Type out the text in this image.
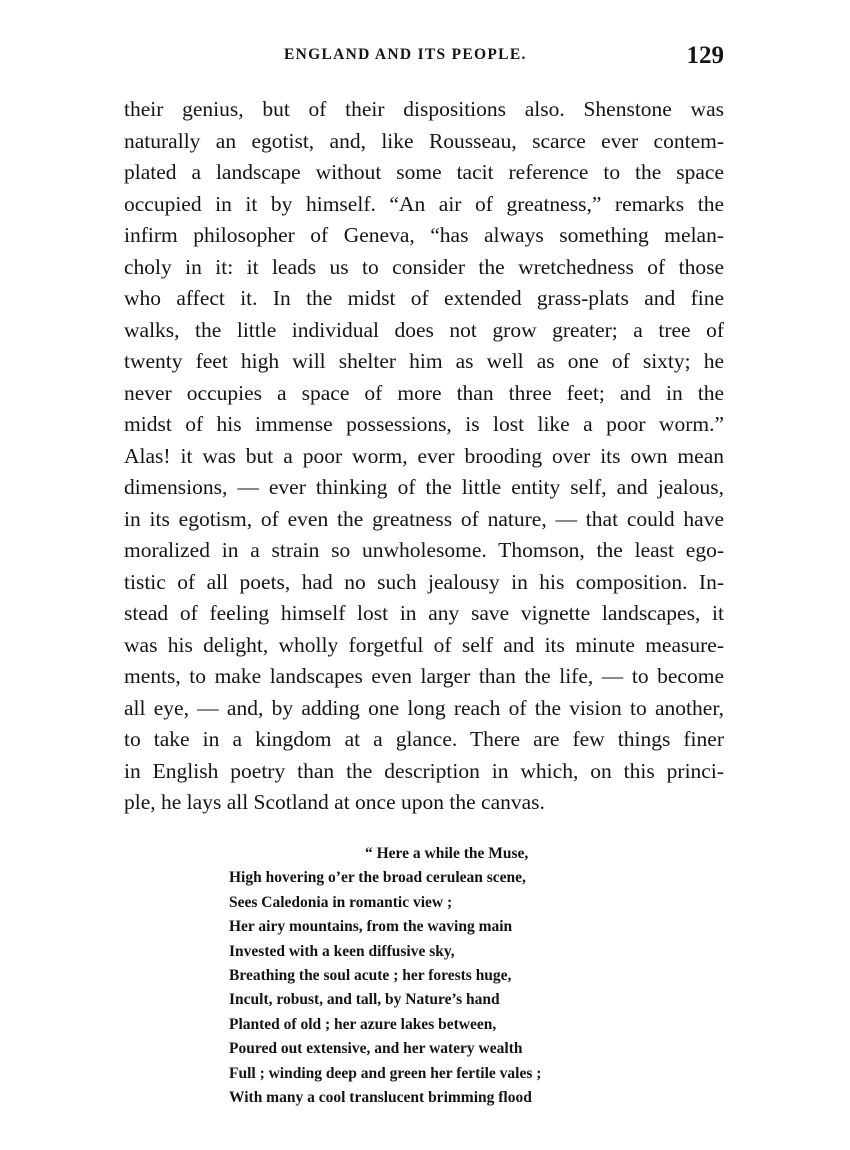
ENGLAND AND ITS PEOPLE.	129
their genius, but of their dispositions also. Shenstone was
naturally an egotist, and, like Rousseau, scarce ever contem-
plated a landscape without some tacit reference to the space
occupied in it by himself. “An air of greatness,” remarks the
infirm philosopher of Geneva, “has always something melan-
choly in it: it leads us to consider the wretchedness of those
who affect it. In the midst of extended grass-plats and fine
walks, the little individual does not grow greater; a tree of
twenty feet high will shelter him as well as one of sixty; he
never occupies a space of more than three feet; and in the
midst of his immense possessions, is lost like a poor worm.”
Alas! it was but a poor worm, ever brooding over its own mean
dimensions, — ever thinking of the little entity self, and jealous,
in its egotism, of even the greatness of nature, — that could have
moralized in a strain so unwholesome. Thomson, the least ego-
tistic of all poets, had no such jealousy in his composition. In-
stead of feeling himself lost in any save vignette landscapes, it
was his delight, wholly forgetful of self and its minute measure-
ments, to make landscapes even larger than the life, — to become
all eye, — and, by adding one long reach of the vision to another,
to take in a kingdom at a glance. There are few things finer
in English poetry than the description in which, on this princi-
ple, he lays all Scotland at once upon the canvas.
“ Here a while the Muse,
High hovering o’er the broad cerulean scene,
Sees Caledonia in romantic view ;
Her airy mountains, from the waving main
Invested with a keen diffusive sky,
Breathing the soul acute ; her forests huge,
Incult, robust, and tall, by Nature’s hand
Planted of old ; her azure lakes between,
Poured out extensive, and her watery wealth
Full ; winding deep and green her fertile vales ;
With many a cool translucent brimming flood
